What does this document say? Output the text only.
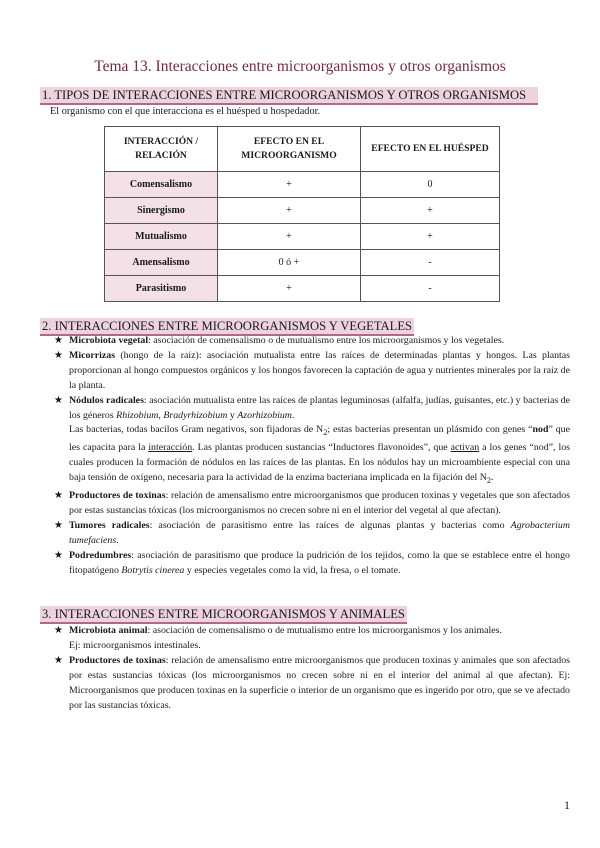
Tema 13. Interacciones entre microorganismos y otros organismos
1. TIPOS DE INTERACCIONES ENTRE MICROORGANISMOS Y OTROS ORGANISMOS
El organismo con el que interacciona es el huésped u hospedador.
INTERACCIÓN / RELACIÓN	EFECTO EN EL MICROORGANISMO	EFECTO EN EL HUÉSPED
Comensalismo	+	0
Sinergismo	+	+
Mutualismo	+	+
Amensalismo	0 ó +	-
Parasitismo	+	-
2. INTERACCIONES ENTRE MICROORGANISMOS Y VEGETALES
★ Microbiota vegetal: asociación de comensalismo o de mutualismo entre los microorganismos y los vegetales.
★ Micorrizas (hongo de la raíz): asociación mutualista entre las raíces de determinadas plantas y hongos. Las plantas proporcionan al hongo compuestos orgánicos y los hongos favorecen la captación de agua y nutrientes minerales por la raíz de la planta.
★ Nódulos radicales: asociación mutualista entre las raíces de plantas leguminosas (alfalfa, judías, guisantes, etc.) y bacterias de los géneros Rhizobium, Bradyrhizobium y Azorhizobium.

Las bacterias, todas bacilos Gram negativos, son fijadoras de $N_2$; estas bacterias presentan un plásmido con genes “nod” que les capacita para la interacción. Las plantas producen sustancias “Inductores flavonoides”, que activan a los genes “nod”, los cuales producen la formación de nódulos en las raíces de las plantas. En los nódulos hay un microambiente especial con una baja tensión de oxígeno, necesaria para la actividad de la enzima bacteriana implicada en la fijación del $N_2$.

★ Productores de toxinas: relación de amensalismo entre microorganismos que producen toxinas y vegetales que son afectados por estas sustancias tóxicas (los microorganismos no crecen sobre ni en el interior del vegetal al que afectan).
★ Tumores radicales: asociación de parasitismo entre las raíces de algunas plantas y bacterias como Agrobacterium tumefaciens.
★ Podredumbres: asociación de parasitismo que produce la pudrición de los tejidos, como la que se establece entre el hongo fitopatógeno Botrytis cinerea y especies vegetales como la vid, la fresa, o el tomate.
3. INTERACCIONES ENTRE MICROORGANISMOS Y ANIMALES
★ Microbiota animal: asociación de comensalismo o de mutualismo entre los microorganismos y los animales.

Ej: microorganismos intestinales.

★ Productores de toxinas: relación de amensalismo entre microorganismos que producen toxinas y animales que son afectados por estas sustancias tóxicas (los microorganismos no crecen sobre ni en el interior del animal al que afectan). Ej: Microorganismos que producen toxinas en la superficie o interior de un organismo que es ingerido por otro, que se ve afectado por las sustancias tóxicas.
1
